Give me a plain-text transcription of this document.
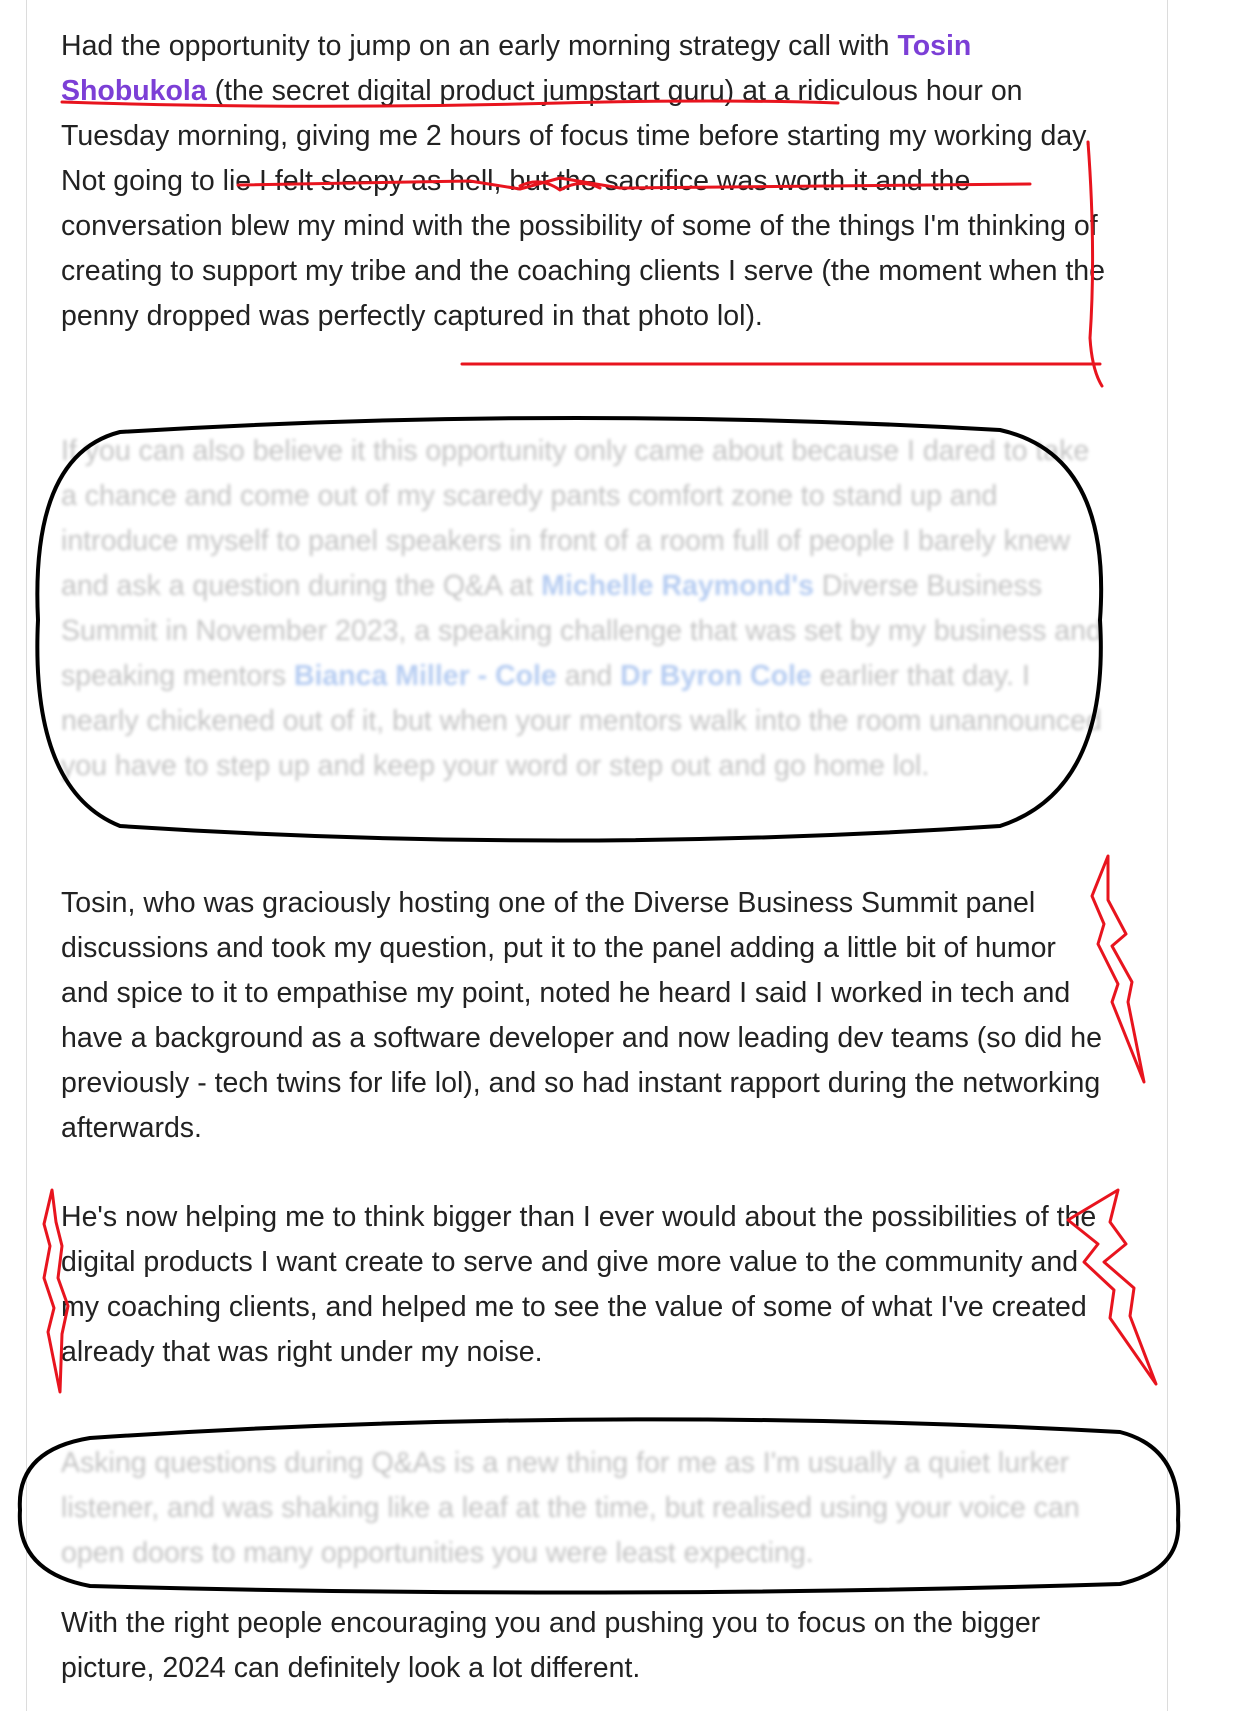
Had the opportunity to jump on an early morning strategy call with Tosin Shobukola (the secret digital product jumpstart guru) at a ridiculous hour on Tuesday morning, giving me 2 hours of focus time before starting my working day. Not going to lie I felt sleepy as hell, but the sacrifice was worth it and the conversation blew my mind with the possibility of some of the things I'm thinking of creating to support my tribe and the coaching clients I serve (the moment when the penny dropped was perfectly captured in that photo lol).

If you can also believe it this opportunity only came about because I dared to take a chance and come out of my scaredy pants comfort zone to stand up and introduce myself to panel speakers in front of a room full of people I barely knew and ask a question during the Q&A at Michelle Raymond's Diverse Business Summit in November 2023, a speaking challenge that was set by my business and speaking mentors Bianca Miller - Cole and Dr Byron Cole earlier that day. I nearly chickened out of it, but when your mentors walk into the room unannounced you have to step up and keep your word or step out and go home lol.

Tosin, who was graciously hosting one of the Diverse Business Summit panel discussions and took my question, put it to the panel adding a little bit of humor and spice to it to empathise my point, noted he heard I said I worked in tech and have a background as a software developer and now leading dev teams (so did he previously - tech twins for life lol), and so had instant rapport during the networking afterwards.

He's now helping me to think bigger than I ever would about the possibilities of the digital products I want create to serve and give more value to the community and my coaching clients, and helped me to see the value of some of what I've created already that was right under my noise.

Asking questions during Q&As is a new thing for me as I'm usually a quiet lurker listener, and was shaking like a leaf at the time, but realised using your voice can open doors to many opportunities you were least expecting.

With the right people encouraging you and pushing you to focus on the bigger picture, 2024 can definitely look a lot different.
